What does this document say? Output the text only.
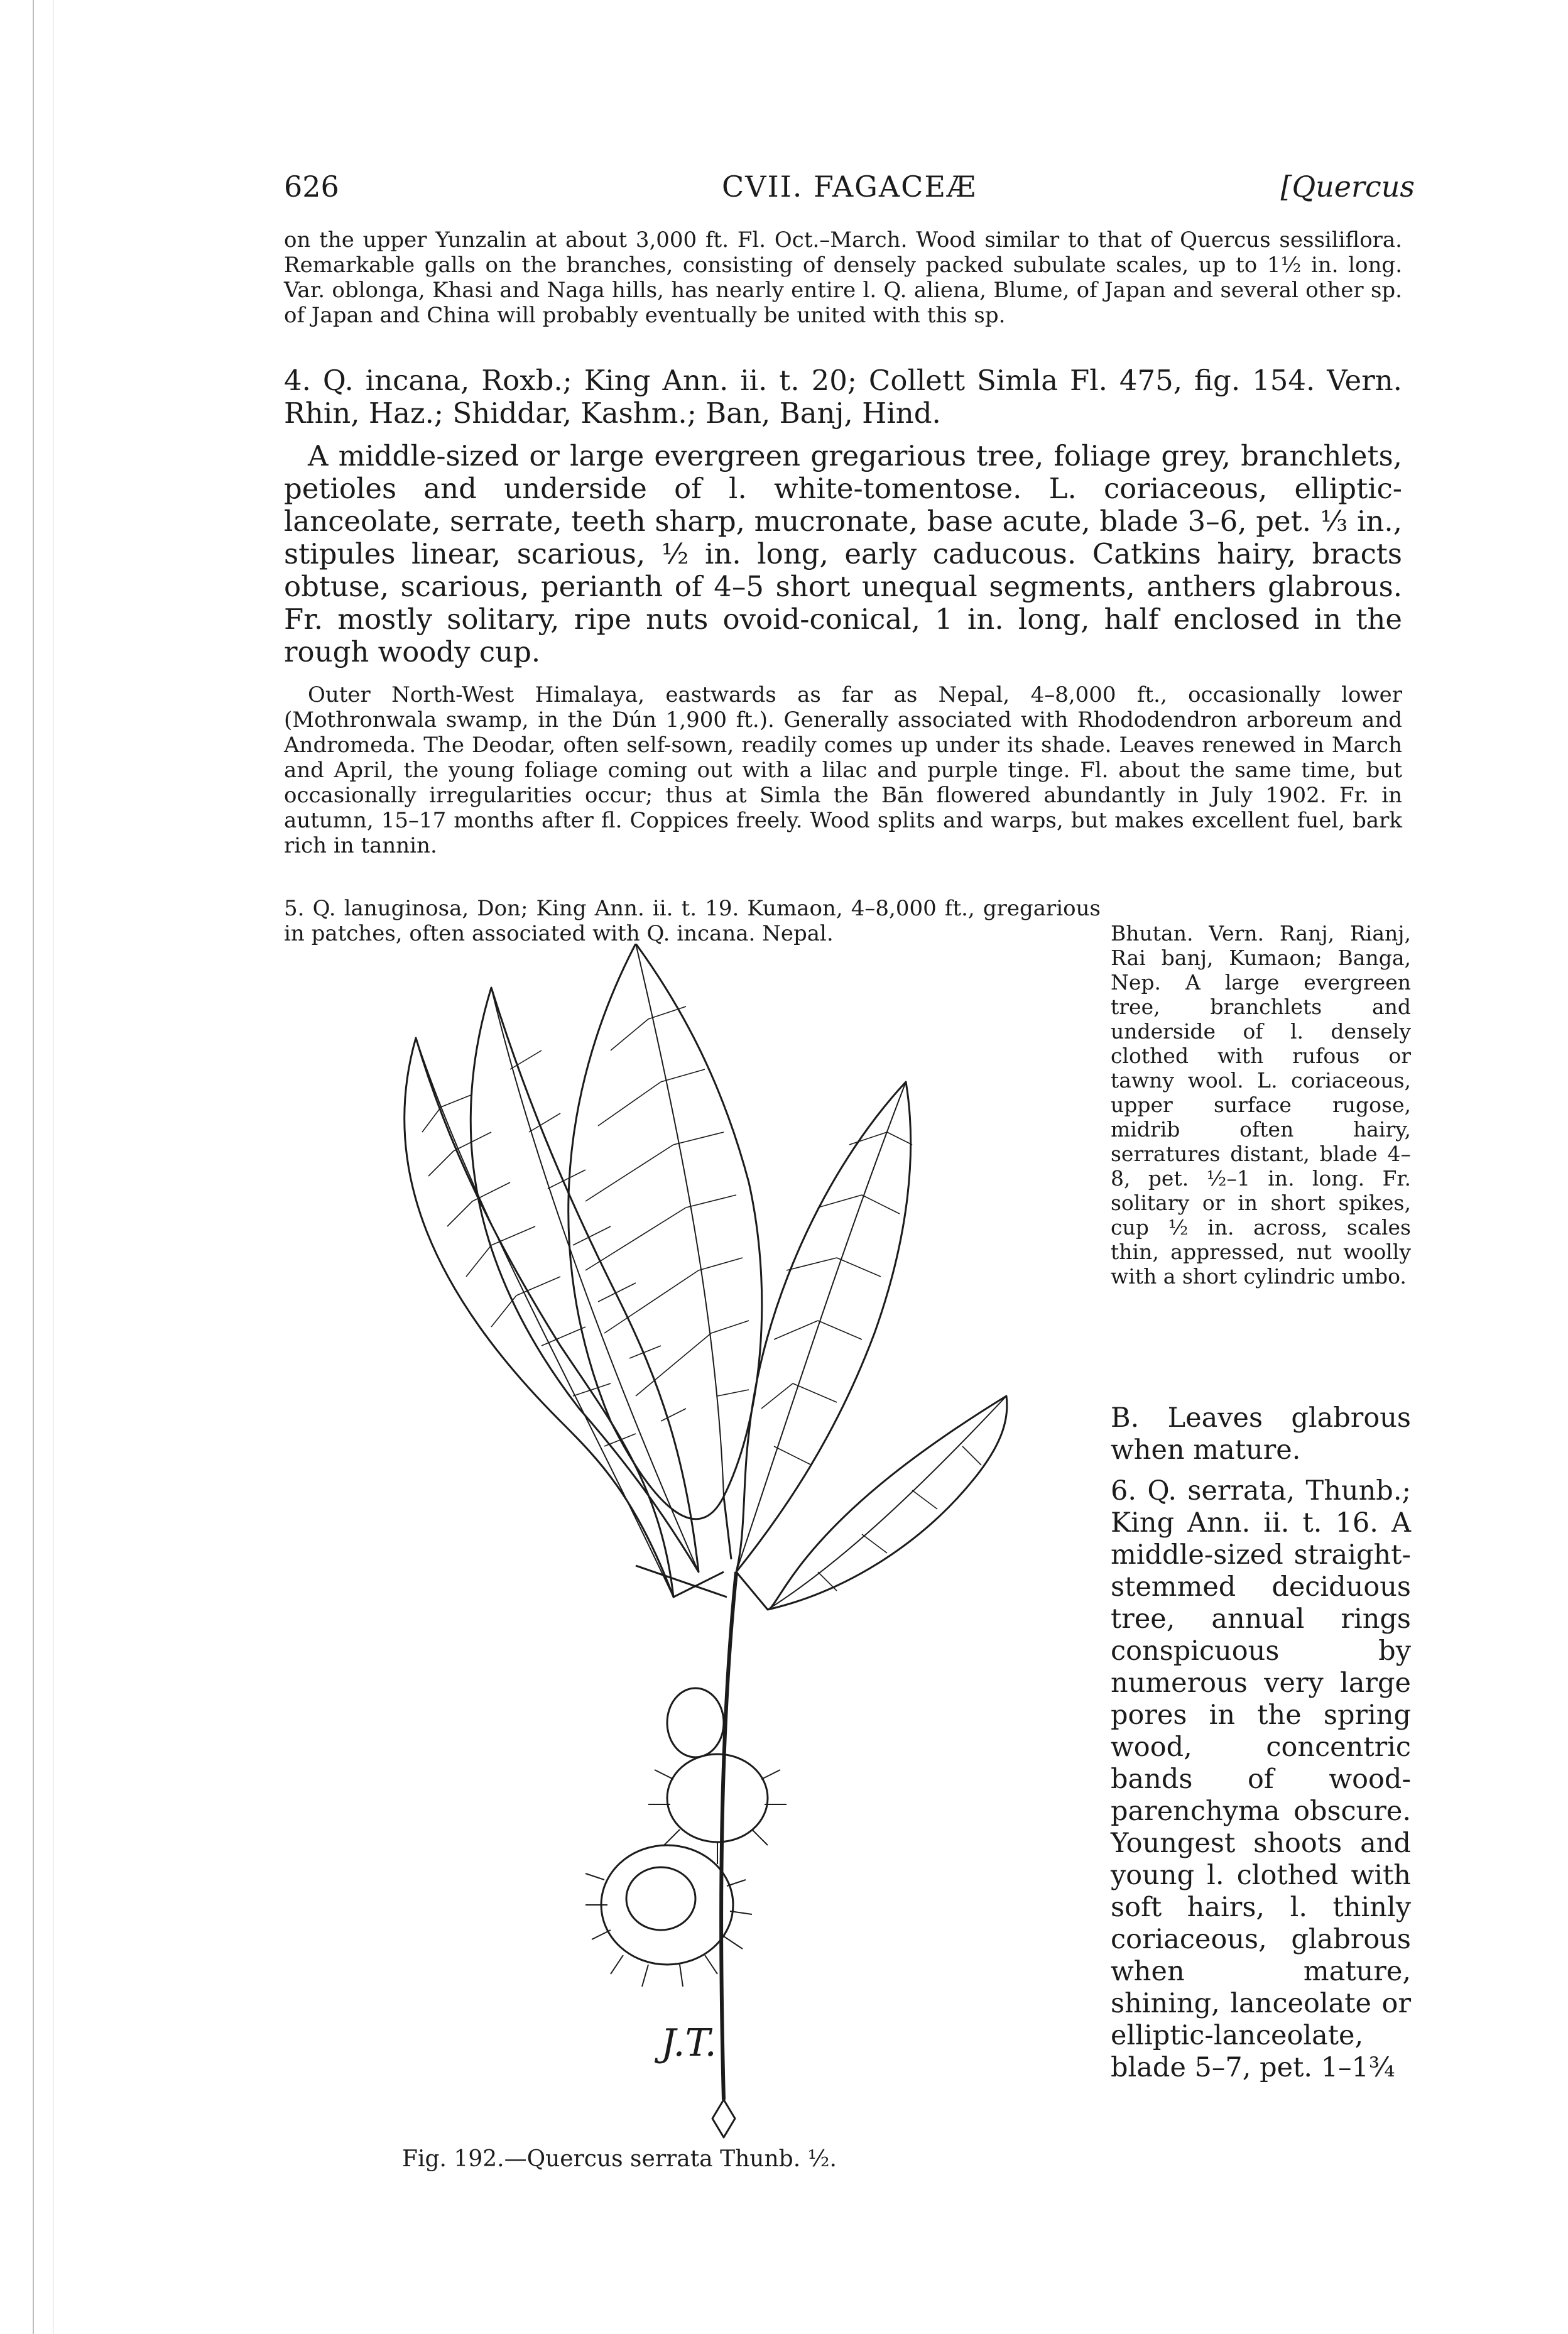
626	CVII. FAGACEÆ	[Quercus

on the upper Yunzalin at about 3,000 ft. Fl. Oct.–March. Wood similar to that of Quercus sessiliflora. Remarkable galls on the branches, consisting of densely packed subulate scales, up to 1½ in. long. Var. oblonga, Khasi and Naga hills, has nearly entire l. Q. aliena, Blume, of Japan and several other sp. of Japan and China will probably eventually be united with this sp.

4. Q. incana, Roxb.; King Ann. ii. t. 20; Collett Simla Fl. 475, fig. 154. Vern. Rhin, Haz.; Shiddar, Kashm.; Ban, Banj, Hind.

A middle-sized or large evergreen gregarious tree, foliage grey, branchlets, petioles and underside of l. white-tomentose. L. coriaceous, elliptic-lanceolate, serrate, teeth sharp, mucronate, base acute, blade 3–6, pet. ⅓ in., stipules linear, scarious, ½ in. long, early caducous. Catkins hairy, bracts obtuse, scarious, perianth of 4–5 short unequal segments, anthers glabrous. Fr. mostly solitary, ripe nuts ovoid-conical, 1 in. long, half enclosed in the rough woody cup.

Outer North-West Himalaya, eastwards as far as Nepal, 4–8,000 ft., occasionally lower (Mothronwala swamp, in the Dún 1,900 ft.). Generally associated with Rhododendron arboreum and Andromeda. The Deodar, often self-sown, readily comes up under its shade. Leaves renewed in March and April, the young foliage coming out with a lilac and purple tinge. Fl. about the same time, but occasionally irregularities occur; thus at Simla the Bān flowered abundantly in July 1902. Fr. in autumn, 15–17 months after fl. Coppices freely. Wood splits and warps, but makes excellent fuel, bark rich in tannin.

5. Q. lanuginosa, Don; King Ann. ii. t. 19. Kumaon, 4–8,000 ft., gregarious in patches, often associated with Q. incana. Nepal.	Bhutan. Vern. Ranj, Rianj, Rai banj, Kumaon; Banga, Nep. A large evergreen tree, branchlets and underside of l. densely clothed with rufous or tawny wool. L. coriaceous, upper surface rugose, midrib often hairy, serratures distant, blade 4–8, pet. ½–1 in. long. Fr. solitary or in short spikes, cup ½ in. across, scales thin, appressed, nut woolly with a short cylindric umbo.

B. Leaves glabrous when mature.

6. Q. serrata, Thunb.; King Ann. ii. t. 16. A middle-sized straight-stemmed deciduous tree, annual rings conspicuous by numerous very large pores in the spring wood, concentric bands of wood-parenchyma obscure. Youngest shoots and young l. clothed with soft hairs, l. thinly coriaceous, glabrous when mature, shining, lanceolate or elliptic-lanceolate, blade 5–7, pet. 1–1¾

J.T.

Fig. 192.—Quercus serrata Thunb. ½.
